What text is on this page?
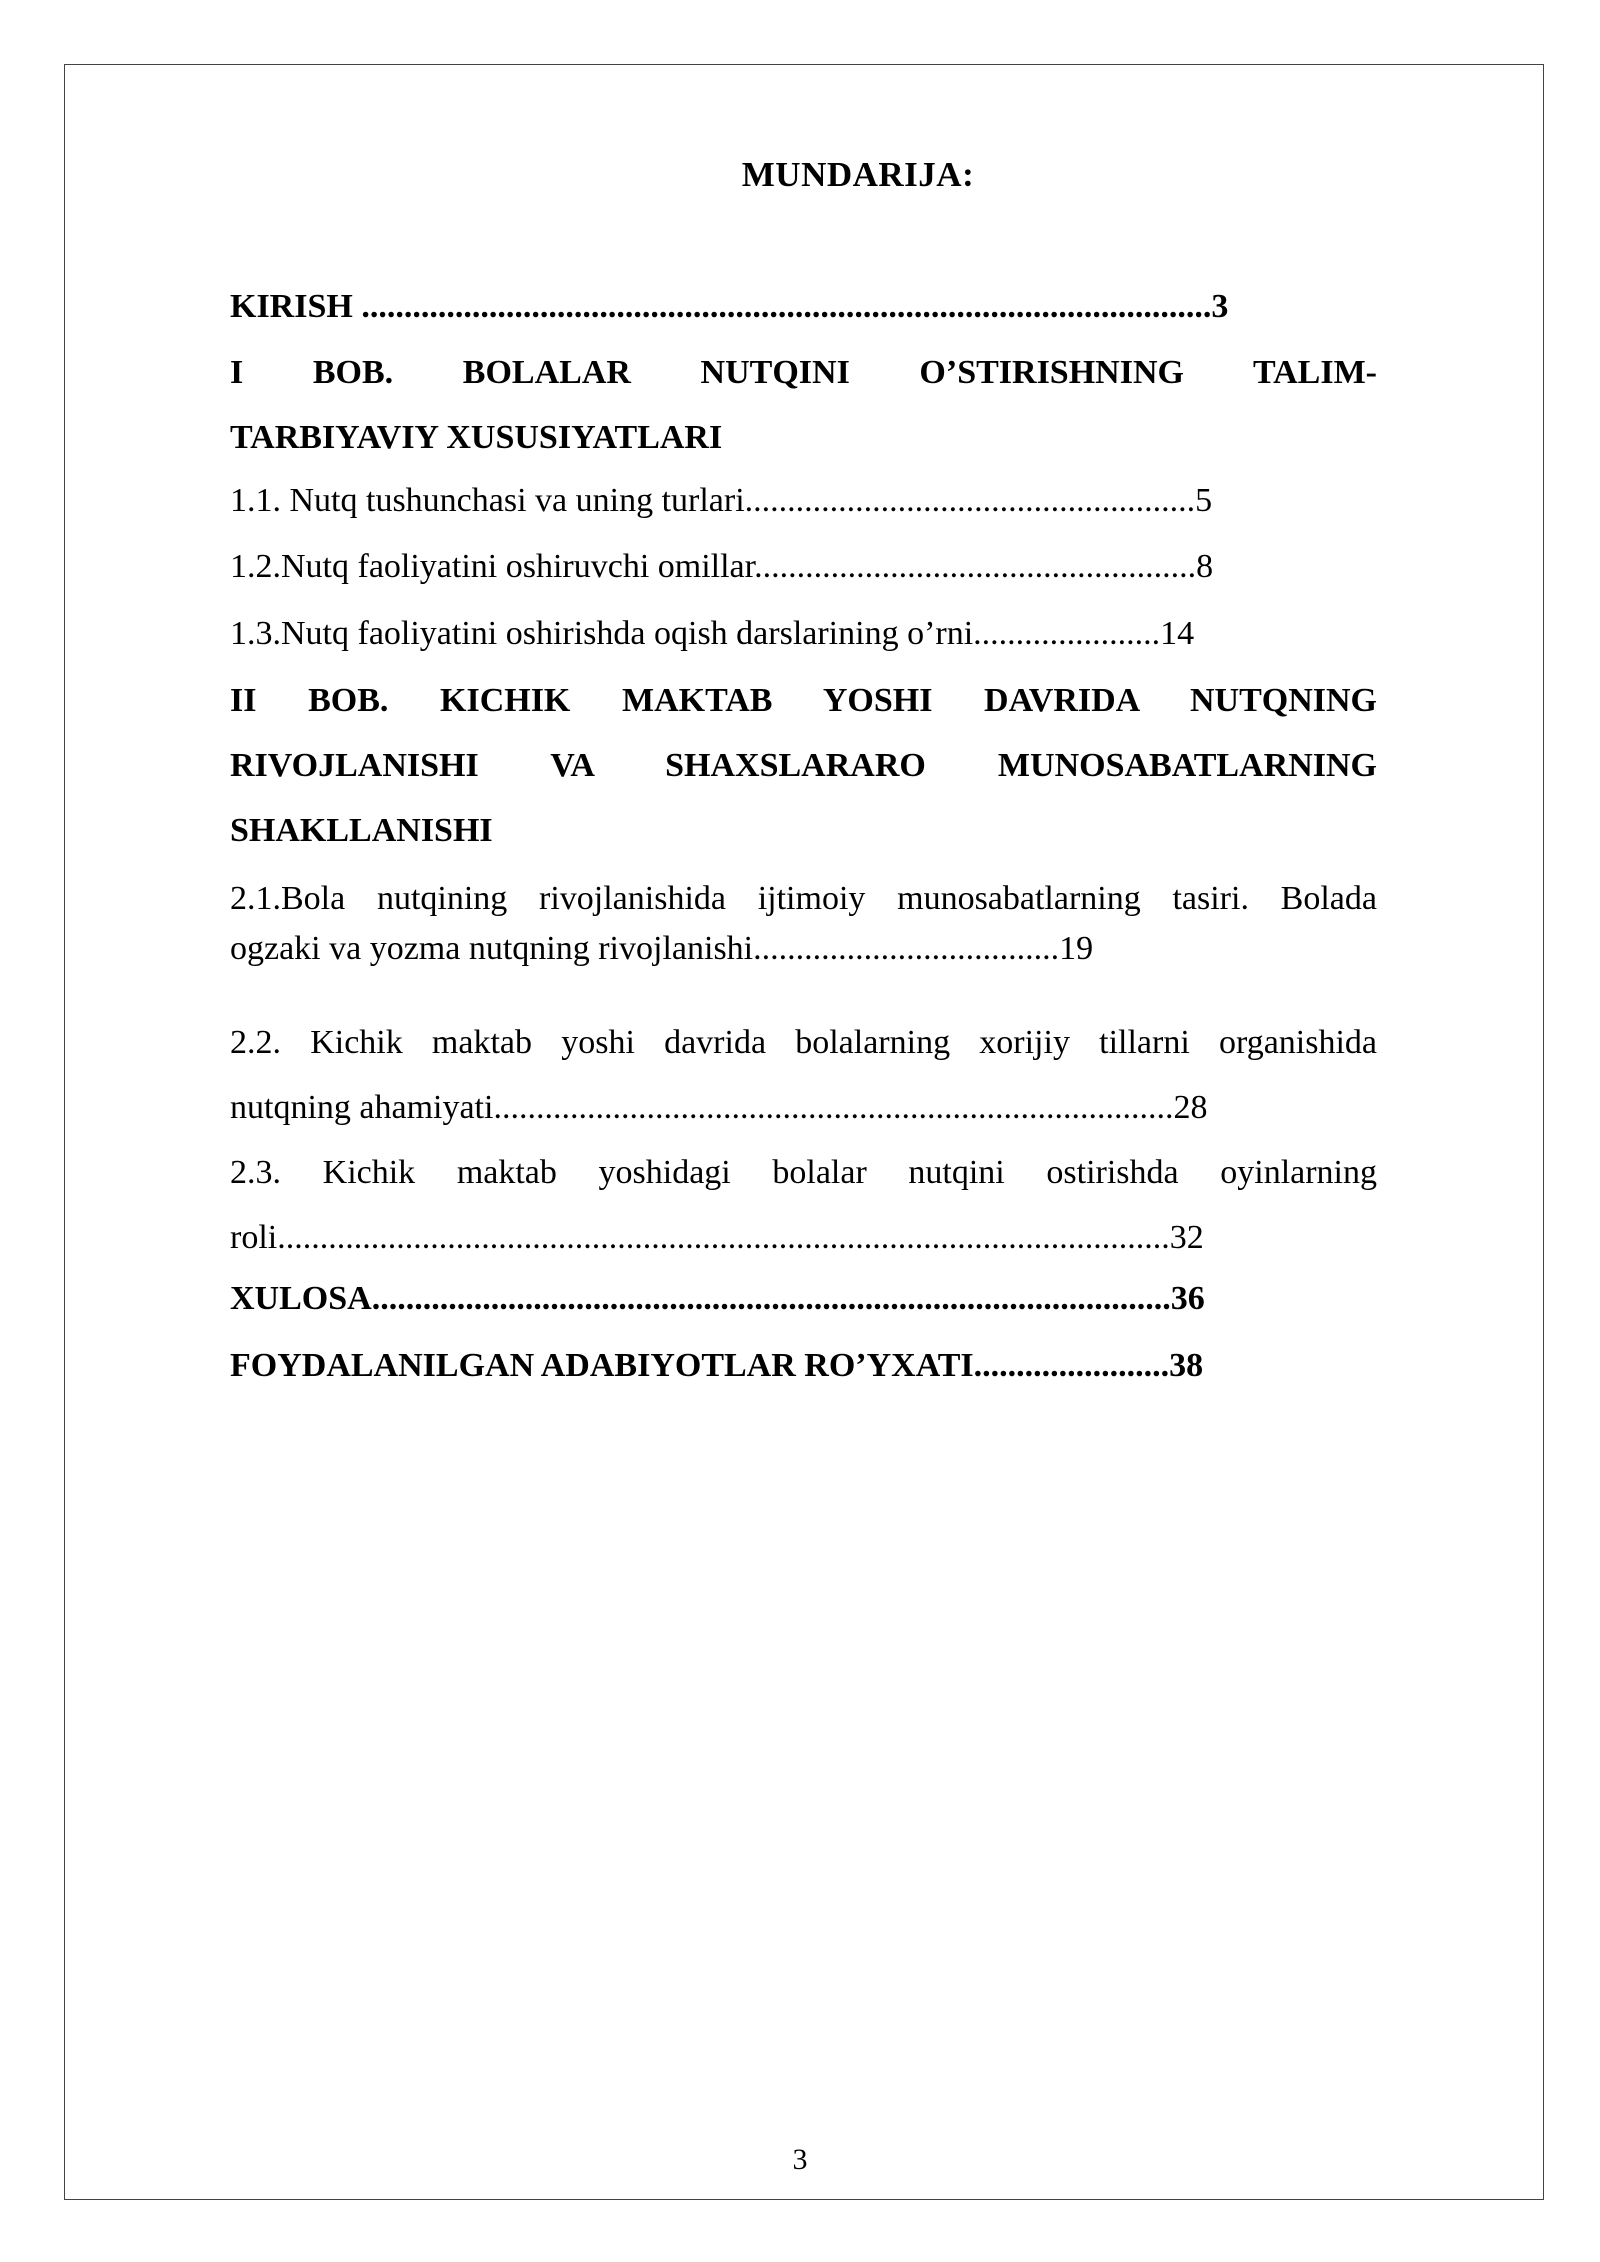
MUNDARIJA:
KIRISH ....................................................................................................3
I BOB. BOLALAR NUTQINI O’STIRISHNING TALIM-
TARBIYAVIY XUSUSIYATLARI
1.1. Nutq tushunchasi va uning turlari.....................................................5
1.2.Nutq faoliyatini oshiruvchi omillar....................................................8
1.3.Nutq faoliyatini oshirishda oqish darslarining o’rni......................14
II BOB. KICHIK MAKTAB YOSHI DAVRIDA NUTQNING
RIVOJLANISHI VA SHAXSLARARO MUNOSABATLARNING
SHAKLLANISHI
2.1.Bola nutqining rivojlanishida ijtimoiy munosabatlarning tasiri. Bolada
ogzaki va yozma nutqning rivojlanishi....................................19
2.2. Kichik maktab yoshi davrida bolalarning xorijiy tillarni organishida
nutqning ahamiyati................................................................................28
2.3. Kichik maktab yoshidagi bolalar nutqini ostirishda oyinlarning
roli.........................................................................................................32
XULOSA..............................................................................................36
FOYDALANILGAN ADABIYOTLAR RO’YXATI.......................38
3
